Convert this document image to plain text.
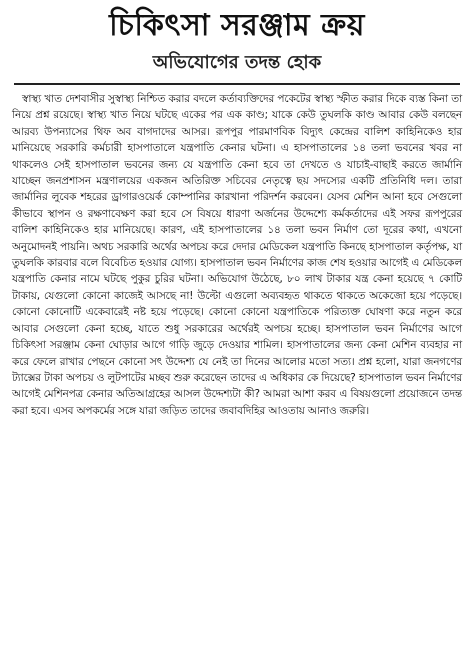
চিকিৎসা সরঞ্জাম ক্রয়
অভিযোগের তদন্ত হোক

স্বাস্থ্য খাত দেশবাসীর সুস্বাস্থ্য নিশ্চিত করার বদলে কর্তাব্যক্তিদের পকেটের স্বাস্থ্য স্ফীত করার দিকে ব্যস্ত কিনা তা নিয়ে প্রশ্ন রয়েছে। স্বাস্থ্য খাত নিয়ে ঘটছে একের পর এক কাণ্ড; যাকে কেউ তুঘলকি কাণ্ড আবার কেউ বলছেন আরব্য উপন্যাসের থিফ অব বাগদাদের আসর। রূপপুর পারমাণবিক বিদ্যুৎ কেন্দ্রের বালিশ কাহিনিকেও হার মানিয়েছে সরকারি কর্মচারী হাসপাতালে যন্ত্রপাতি কেনার ঘটনা। এ হাসপাতালের ১৪ তলা ভবনের খবর না থাকলেও সেই হাসপাতাল ভবনের জন্য যে যন্ত্রপাতি কেনা হবে তা দেখতে ও যাচাই-বাছাই করতে জার্মানি যাচ্ছেন জনপ্রশাসন মন্ত্রণালয়ের একজন অতিরিক্ত সচিবের নেতৃত্বে ছয় সদস্যের একটি প্রতিনিধি দল। তারা জার্মানির লুবেক শহরের ড্রাগারওয়ের্ক কোম্পানির কারখানা পরিদর্শন করবেন। যেসব মেশিন আনা হবে সেগুলো কীভাবে স্থাপন ও রক্ষণাবেক্ষণ করা হবে সে বিষয়ে ধারণা অর্জনের উদ্দেশ্যে কর্মকর্তাদের এই সফর রূপপুরের বালিশ কাহিনিকেও হার মানিয়েছে। কারণ, এই হাসপাতালের ১৪ তলা ভবন নির্মাণ তো দূরের কথা, এখনো অনুমোদনই পায়নি। অথচ সরকারি অর্থের অপচয় করে দেদার মেডিকেল যন্ত্রপাতি কিনছে হাসপাতাল কর্তৃপক্ষ, যা তুঘলকি কারবার বলে বিবেচিত হওয়ার যোগ্য। হাসপাতাল ভবন নির্মাণের কাজ শেষ হওয়ার আগেই এ মেডিকেল যন্ত্রপাতি কেনার নামে ঘটছে পুকুর চুরির ঘটনা। অভিযোগ উঠেছে, ৮০ লাখ টাকার যন্ত্র কেনা হয়েছে ৭ কোটি টাকায়, যেগুলো কোনো কাজেই আসছে না! উল্টো এগুলো অব্যবহৃত থাকতে থাকতে অকেজো হয়ে পড়েছে। কোনো কোনোটি একেবারেই নষ্ট হয়ে পড়েছে। কোনো কোনো যন্ত্রপাতিকে পরিত্যক্ত ঘোষণা করে নতুন করে আবার সেগুলো কেনা হচ্ছে, যাতে শুধু সরকারের অর্থেরই অপচয় হচ্ছে। হাসপাতাল ভবন নির্মাণের আগে চিকিৎসা সরঞ্জাম কেনা ঘোড়ার আগে গাড়ি জুড়ে দেওয়ার শামিল। হাসপাতালের জন্য কেনা মেশিন ব্যবহার না করে ফেলে রাখার পেছনে কোনো সৎ উদ্দেশ্য যে নেই তা দিনের আলোর মতো সত্য। প্রশ্ন হলো, যারা জনগণের ট্যাক্সের টাকা অপচয় ও লুটপাটের মচ্ছব শুরু করেছেন তাদের এ অধিকার কে দিয়েছে? হাসপাতাল ভবন নির্মাণের আগেই মেশিনপত্র কেনার অতিআগ্রহের আসল উদ্দেশ্যটা কী? আমরা আশা করব এ বিষয়গুলো প্রয়োজনে তদন্ত করা হবে। এসব অপকর্মের সঙ্গে যারা জড়িত তাদের জবাবদিহির আওতায় আনাও জরুরি।
